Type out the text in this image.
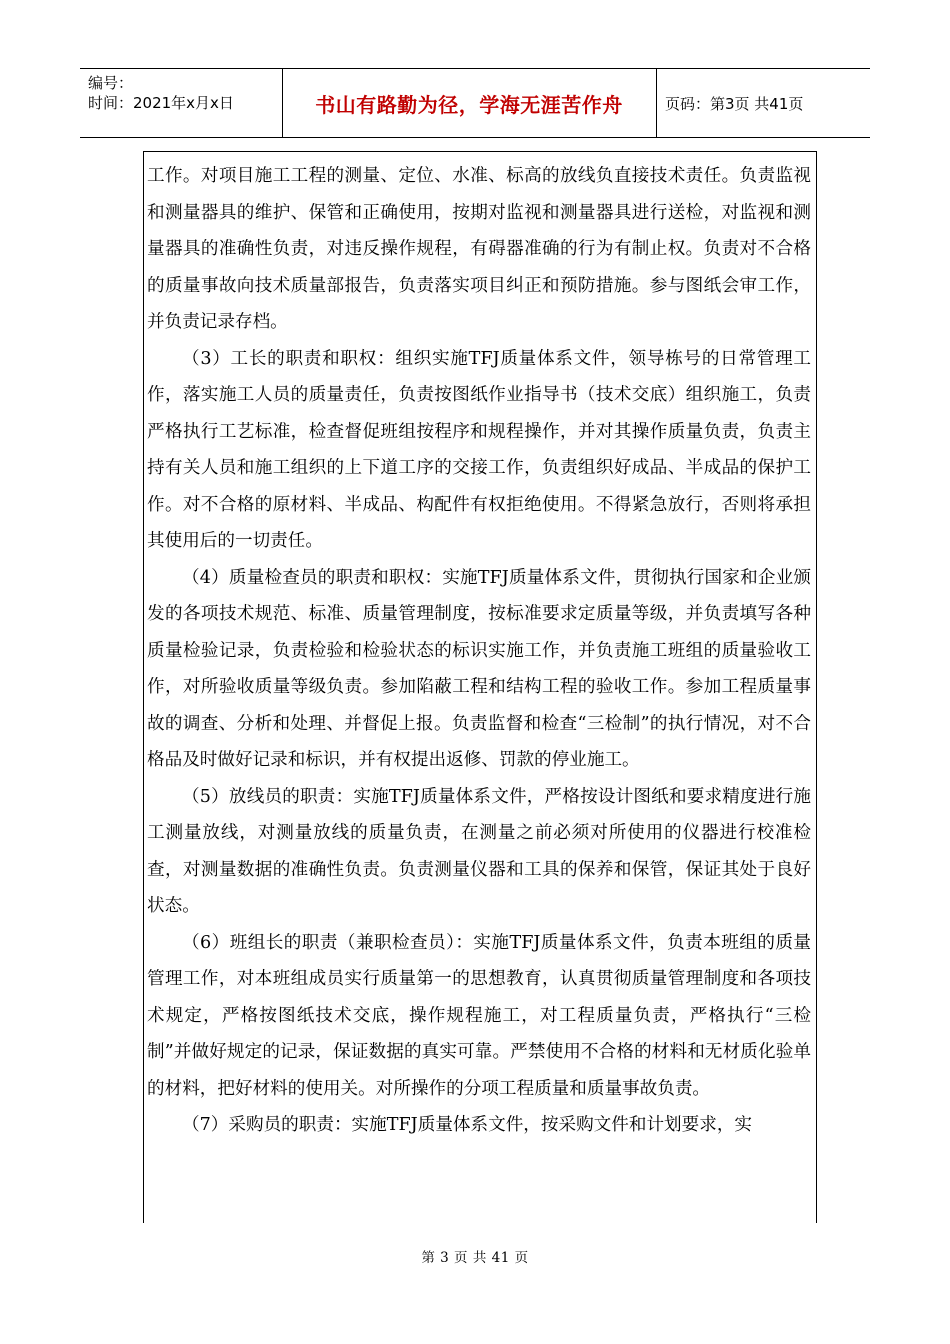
编号：
时间：2021年x月x日	书山有路勤为径，学海无涯苦作舟	页码：第3页 共41页

工作。对项目施工工程的测量、定位、水准、标高的放线负直接技术责任。负责监视和测量器具的维护、保管和正确使用，按期对监视和测量器具进行送检，对监视和测量器具的准确性负责，对违反操作规程，有碍器准确的行为有制止权。负责对不合格的质量事故向技术质量部报告，负责落实项目纠正和预防措施。参与图纸会审工作，并负责记录存档。

（3）工长的职责和职权：组织实施TFJ质量体系文件，领导栋号的日常管理工作，落实施工人员的质量责任，负责按图纸作业指导书（技术交底）组织施工，负责严格执行工艺标准，检查督促班组按程序和规程操作，并对其操作质量负责，负责主持有关人员和施工组织的上下道工序的交接工作，负责组织好成品、半成品的保护工作。对不合格的原材料、半成品、构配件有权拒绝使用。不得紧急放行，否则将承担其使用后的一切责任。

（4）质量检查员的职责和职权：实施TFJ质量体系文件，贯彻执行国家和企业颁发的各项技术规范、标准、质量管理制度，按标准要求定质量等级，并负责填写各种质量检验记录，负责检验和检验状态的标识实施工作，并负责施工班组的质量验收工作，对所验收质量等级负责。参加陷蔽工程和结构工程的验收工作。参加工程质量事故的调查、分析和处理、并督促上报。负责监督和检查“三检制”的执行情况，对不合格品及时做好记录和标识，并有权提出返修、罚款的停业施工。

（5）放线员的职责：实施TFJ质量体系文件，严格按设计图纸和要求精度进行施工测量放线，对测量放线的质量负责，在测量之前必须对所使用的仪器进行校准检查，对测量数据的准确性负责。负责测量仪器和工具的保养和保管，保证其处于良好状态。

（6）班组长的职责（兼职检查员）：实施TFJ质量体系文件，负责本班组的质量管理工作，对本班组成员实行质量第一的思想教育，认真贯彻质量管理制度和各项技术规定，严格按图纸技术交底，操作规程施工，对工程质量负责，严格执行“三检制”并做好规定的记录，保证数据的真实可靠。严禁使用不合格的材料和无材质化验单的材料，把好材料的使用关。对所操作的分项工程质量和质量事故负责。

（7）采购员的职责：实施TFJ质量体系文件，按采购文件和计划要求，实

第 3 页 共 41 页
